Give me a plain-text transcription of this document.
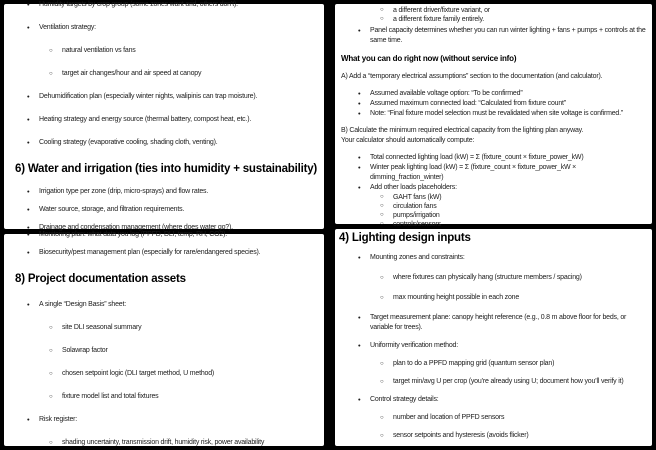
• Humidity targets by crop group (some zones want arid, others don’t).
• Ventilation strategy:
○ natural ventilation vs fans
○ target air changes/hour and air speed at canopy
• Dehumidification plan (especially winter nights, walipinis can trap moisture).
• Heating strategy and energy source (thermal battery, compost heat, etc.).
• Cooling strategy (evaporative cooling, shading cloth, venting).
6) Water and irrigation (ties into humidity + sustainability)
• Irrigation type per zone (drip, micro-sprays) and flow rates.
• Water source, storage, and filtration requirements.
• Drainage and condensation management (where does water go?).
○ a different driver/fixture variant, or
○ a different fixture family entirely.
• Panel capacity determines whether you can run winter lighting + fans + pumps + controls at the same time.
What you can do right now (without service info)
A) Add a “temporary electrical assumptions” section to the documentation (and calculator).
• Assumed available voltage option: “To be confirmed”
• Assumed maximum connected load: “Calculated from fixture count”
• Note: “Final fixture model selection must be revalidated when site voltage is confirmed.”
B) Calculate the minimum required electrical capacity from the lighting plan anyway.
Your calculator should automatically compute:
• Total connected lighting load (kW) = Σ (fixture_count × fixture_power_kW)
• Winter peak lighting load (kW) = Σ (fixture_count × fixture_power_kW × dimming_fraction_winter)
• Add other loads placeholders:
○ GAHT fans (kW)
○ circulation fans
○ pumps/irrigation
○ controls/sensors
• Monitoring plan: what data you log (PPFD, DLI, temp, RH, CO2).
• Biosecurity/pest management plan (especially for rare/endangered species).
8) Project documentation assets
• A single “Design Basis” sheet:
○ site DLI seasonal summary
○ Solawrap factor
○ chosen setpoint logic (DLI target method, U method)
○ fixture model list and total fixtures
• Risk register:
○ shading uncertainty, transmission drift, humidity risk, power availability
4) Lighting design inputs
• Mounting zones and constraints:
○ where fixtures can physically hang (structure members / spacing)
○ max mounting height possible in each zone
• Target measurement plane: canopy height reference (e.g., 0.8 m above floor for beds, or variable for trees).
• Uniformity verification method:
○ plan to do a PPFD mapping grid (quantum sensor plan)
○ target min/avg U per crop (you’re already using U; document how you’ll verify it)
• Control strategy details:
○ number and location of PPFD sensors
○ sensor setpoints and hysteresis (avoids flicker)
